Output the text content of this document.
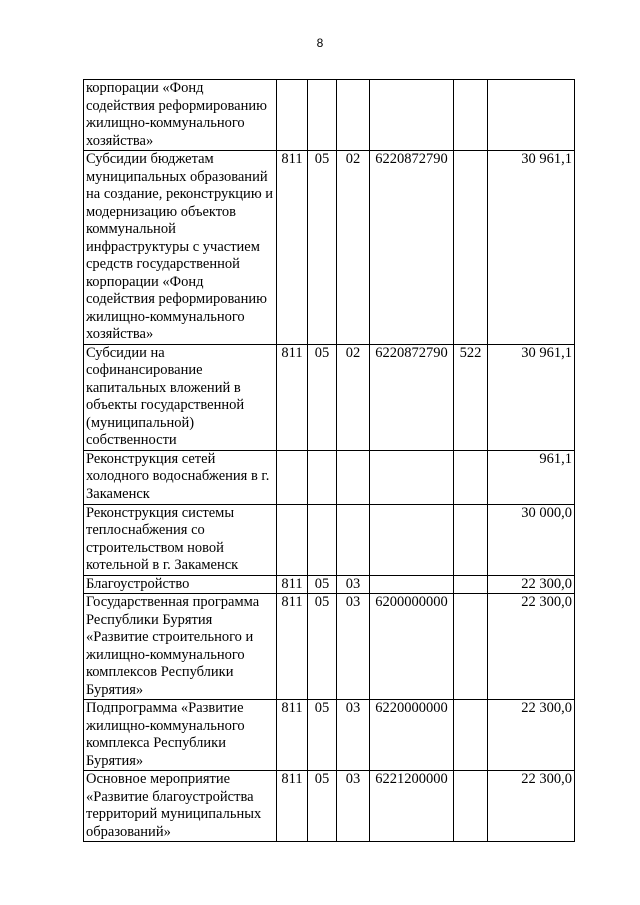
8
корпорации «Фонд содействия реформированию жилищно-коммунального хозяйства»						
Субсидии бюджетам муниципальных образований на создание, реконструкцию и модернизацию объектов коммунальной инфраструктуры с участием средств государственной корпорации «Фонд содействия реформированию жилищно-коммунального хозяйства»	811	05	02	6220872790		30 961,1
Субсидии на софинансирование капитальных вложений в объекты государственной (муниципальной) собственности	811	05	02	6220872790	522	30 961,1
Реконструкция сетей холодного водоснабжения в г. Закаменск						961,1
Реконструкция системы теплоснабжения со строительством новой котельной в г. Закаменск						30 000,0
Благоустройство	811	05	03			22 300,0
Государственная программа Республики Бурятия «Развитие строительного и жилищно-коммунального комплексов Республики Бурятия»	811	05	03	6200000000		22 300,0
Подпрограмма «Развитие жилищно-коммунального комплекса Республики Бурятия»	811	05	03	6220000000		22 300,0
Основное мероприятие «Развитие благоустройства территорий муниципальных образований»	811	05	03	6221200000		22 300,0
